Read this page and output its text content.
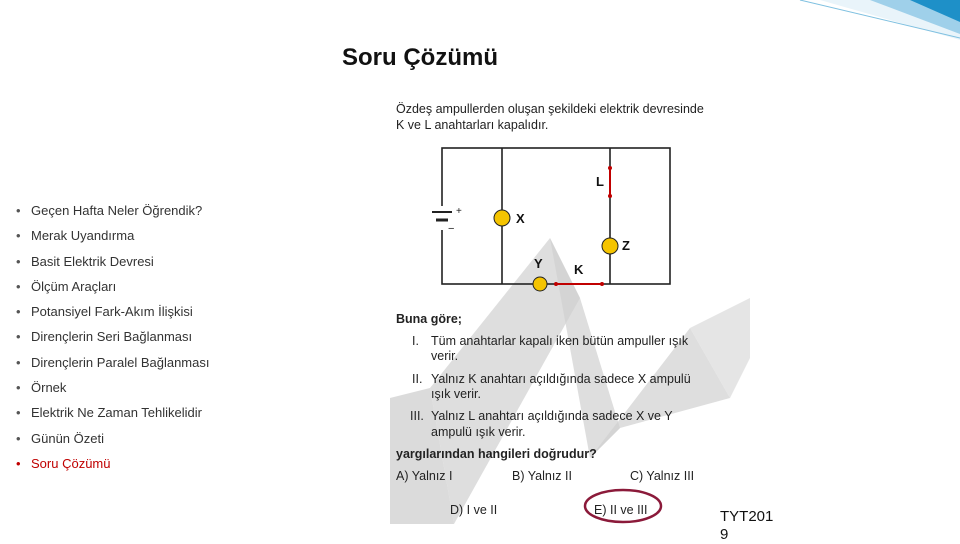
Soru Çözümü
• Geçen Hafta Neler Öğrendik?
• Merak Uyandırma
• Basit Elektrik Devresi
• Ölçüm Araçları
• Potansiyel Fark-Akım İlişkisi
• Dirençlerin Seri Bağlanması
• Dirençlerin Paralel Bağlanması
• Örnek
• Elektrik Ne Zaman Tehlikelidir
• Günün Özeti
• Soru Çözümü
Özdeş ampullerden oluşan şekildeki elektrik devresinde
K ve L anahtarları kapalıdır.
+
−
X
L
Z
K
Y
Buna göre;
I. Tüm anahtarlar kapalı iken bütün ampuller ışık
verir.
II. Yalnız K anahtarı açıldığında sadece X ampulü
ışık verir.
III. Yalnız L anahtarı açıldığında sadece X ve Y
ampulü ışık verir.
yargılarından hangileri doğrudur?
A) Yalnız I	B) Yalnız II	C) Yalnız III
D) I ve II	E) II ve III	TYT201
9
